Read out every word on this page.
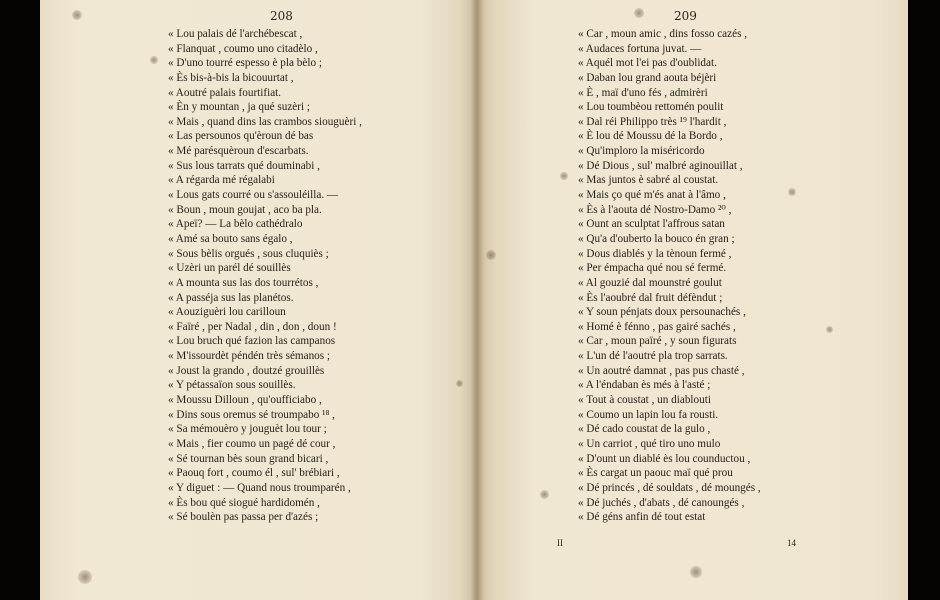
208
« Lou palais dé l'archébescat ,
« Flanquat , coumo uno citadèlo ,
« D'uno tourré espesso è pla bèlo ;
« Ès bis-à-bis la bicouurtat ,
« Aoutré palais fourtifiat.
« Èn y mountan , ja qué suzèri ;
« Mais , quand dins las crambos siouguèri ,
« Las persounos qu'èroun dé bas
« Mé parésquèroun d'escarbats.
« Sus lous tarrats qué douminabi ,
« A régarda mé régalabi
« Lous gats courré ou s'assouléilla. —
« Boun , moun goujat , aco ba pla.
« Apeï? — La bèlo cathédralo
« Amé sa bouto sans égalo ,
« Sous bèlis orgués , sous cluquiès ;
« Uzèri un parél dé souillès
« A mounta sus las dos tourrétos ,
« A passéja sus las planétos.
« Aouziguèri lou carilloun
« Faïré , per Nadal , din , don , doun !
« Lou bruch qué fazion las campanos
« M'issourdèt péndén très sémanos ;
« Joust la grando , doutzé grouillès
« Y pétassaïon sous souillès.
« Moussu Dilloun , qu'oufficiabo ,
« Dins sous oremus sé troumpabo ¹⁸ ,
« Sa mémouèro y jouguèt lou tour ;
« Mais , fier coumo un pagé dé cour ,
« Sé tournan bès soun grand bicari ,
« Paouq fort , coumo él , sul' brébiari ,
« Y diguet : — Quand nous troumparén ,
« Ès bou qué siogué hardidomén ,
« Sé boulèn pas passa per d'azés ;
209
« Car , moun amic , dins fosso cazés ,
« Audaces fortuna juvat. —
« Aquél mot l'ei pas d'oublidat.
« Daban lou grand aouta béjèri
« È , maï d'uno fés , admirèri
« Lou toumbèou rettomén poulit
« Dal réi Philippo très ¹⁹ l'hardit ,
« È lou dé Moussu dé la Bordo ,
« Qu'imploro la miséricordo
« Dé Dious , sul' malbré aginouillat ,
« Mas juntos è sabré al coustat.
« Mais ço qué m'és anat à l'âmo ,
« Ès à l'aouta dé Nostro-Damo ²⁰ ,
« Ount an sculptat l'affrous satan
« Qu'a d'ouberto la bouco én gran ;
« Dous diablés y la tènoun fermé ,
« Per émpacha qué nou sé fermé.
« Al gouzié dal mounstré goulut
« Ès l'aoubré dal fruit défèndut ;
« Y soun pénjats doux persounachés ,
« Homé è fénno , pas gairé sachés ,
« Car , moun païré , y soun figurats
« L'un dé l'aoutré pla trop sarrats.
« Un aoutré damnat , pas pus chasté ,
« A l'éndaban ès més à l'asté ;
« Tout à coustat , un diablouti
« Coumo un lapin lou fa rousti.
« Dé cado coustat de la gulo ,
« Un carriot , qué tiro uno mulo
« D'ount un diablé ès lou counductou ,
« Ès cargat un paouc maï qué prou
« Dé princés , dé souldats , dé moungés ,
« Dé juchés , d'abats , dé canoungés ,
« Dé géns anfin dé tout estat
II	14
